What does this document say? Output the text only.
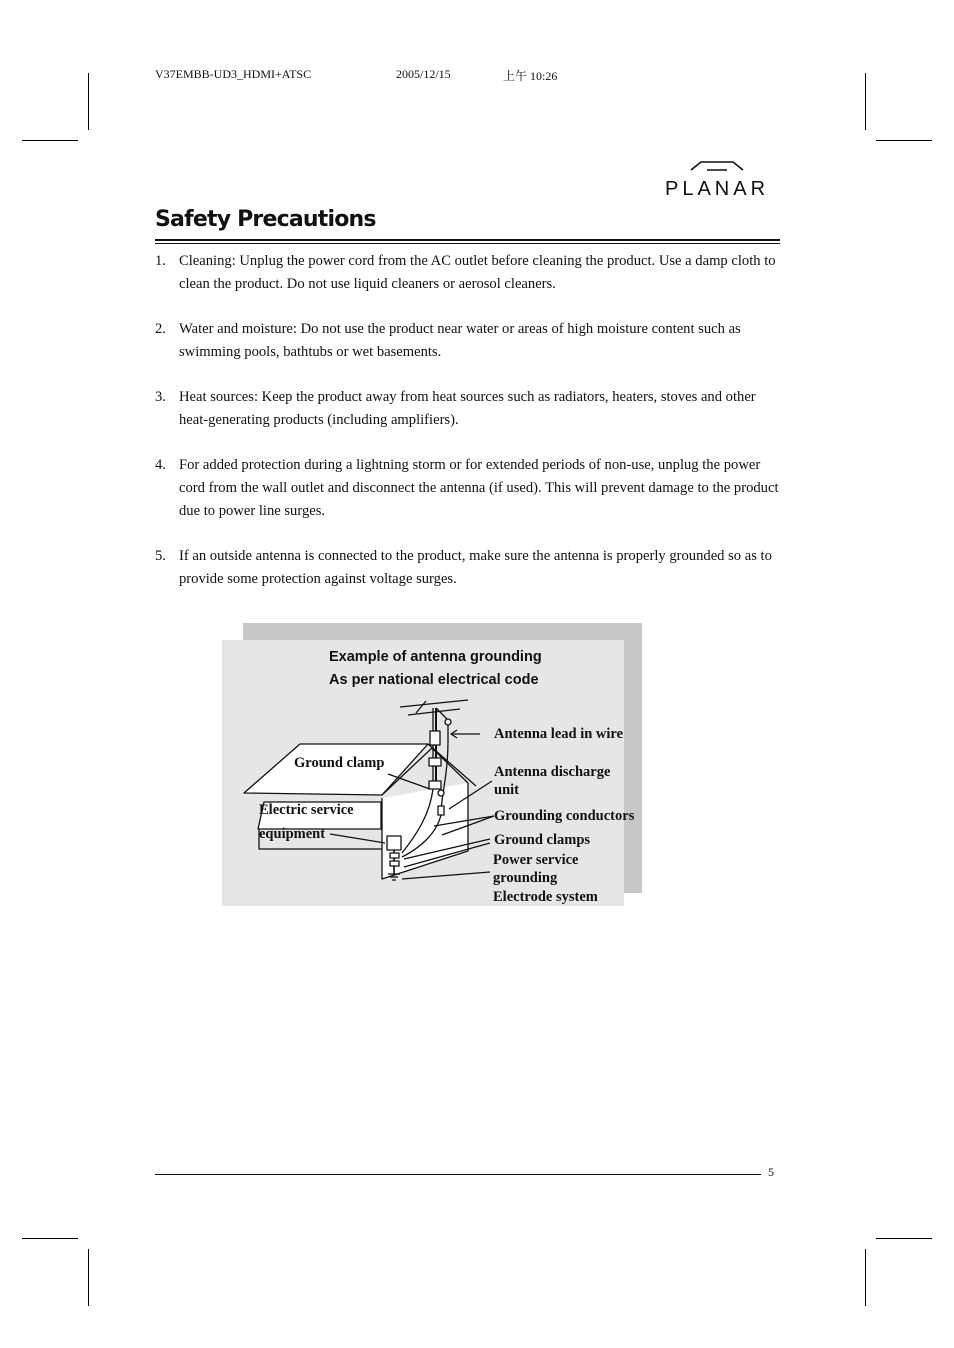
V37EMBB-UD3_HDMI+ATSC	2005/12/15	上午 10:26
PLANAR
Safety Precautions
1. Cleaning: Unplug the power cord from the AC outlet before cleaning the product. Use a damp cloth to clean the product. Do not use liquid cleaners or aerosol cleaners.
2. Water and moisture: Do not use the product near water or areas of high moisture content such as swimming pools, bathtubs or wet basements.
3. Heat sources: Keep the product away from heat sources such as radiators, heaters, stoves and other heat-generating products (including amplifiers).
4. For added protection during a lightning storm or for extended periods of non-use, unplug the power cord from the wall outlet and disconnect the antenna (if used). This will prevent damage to the product due to power line surges.
5. If an outside antenna is connected to the product, make sure the antenna is properly grounded so as to provide some protection against voltage surges.
Example of antenna grounding
As per national electrical code
Ground clamp
Electric service
equipment
Antenna lead in wire
Antenna discharge
unit
Grounding conductors
Ground clamps
Power service
grounding
Electrode system
5
